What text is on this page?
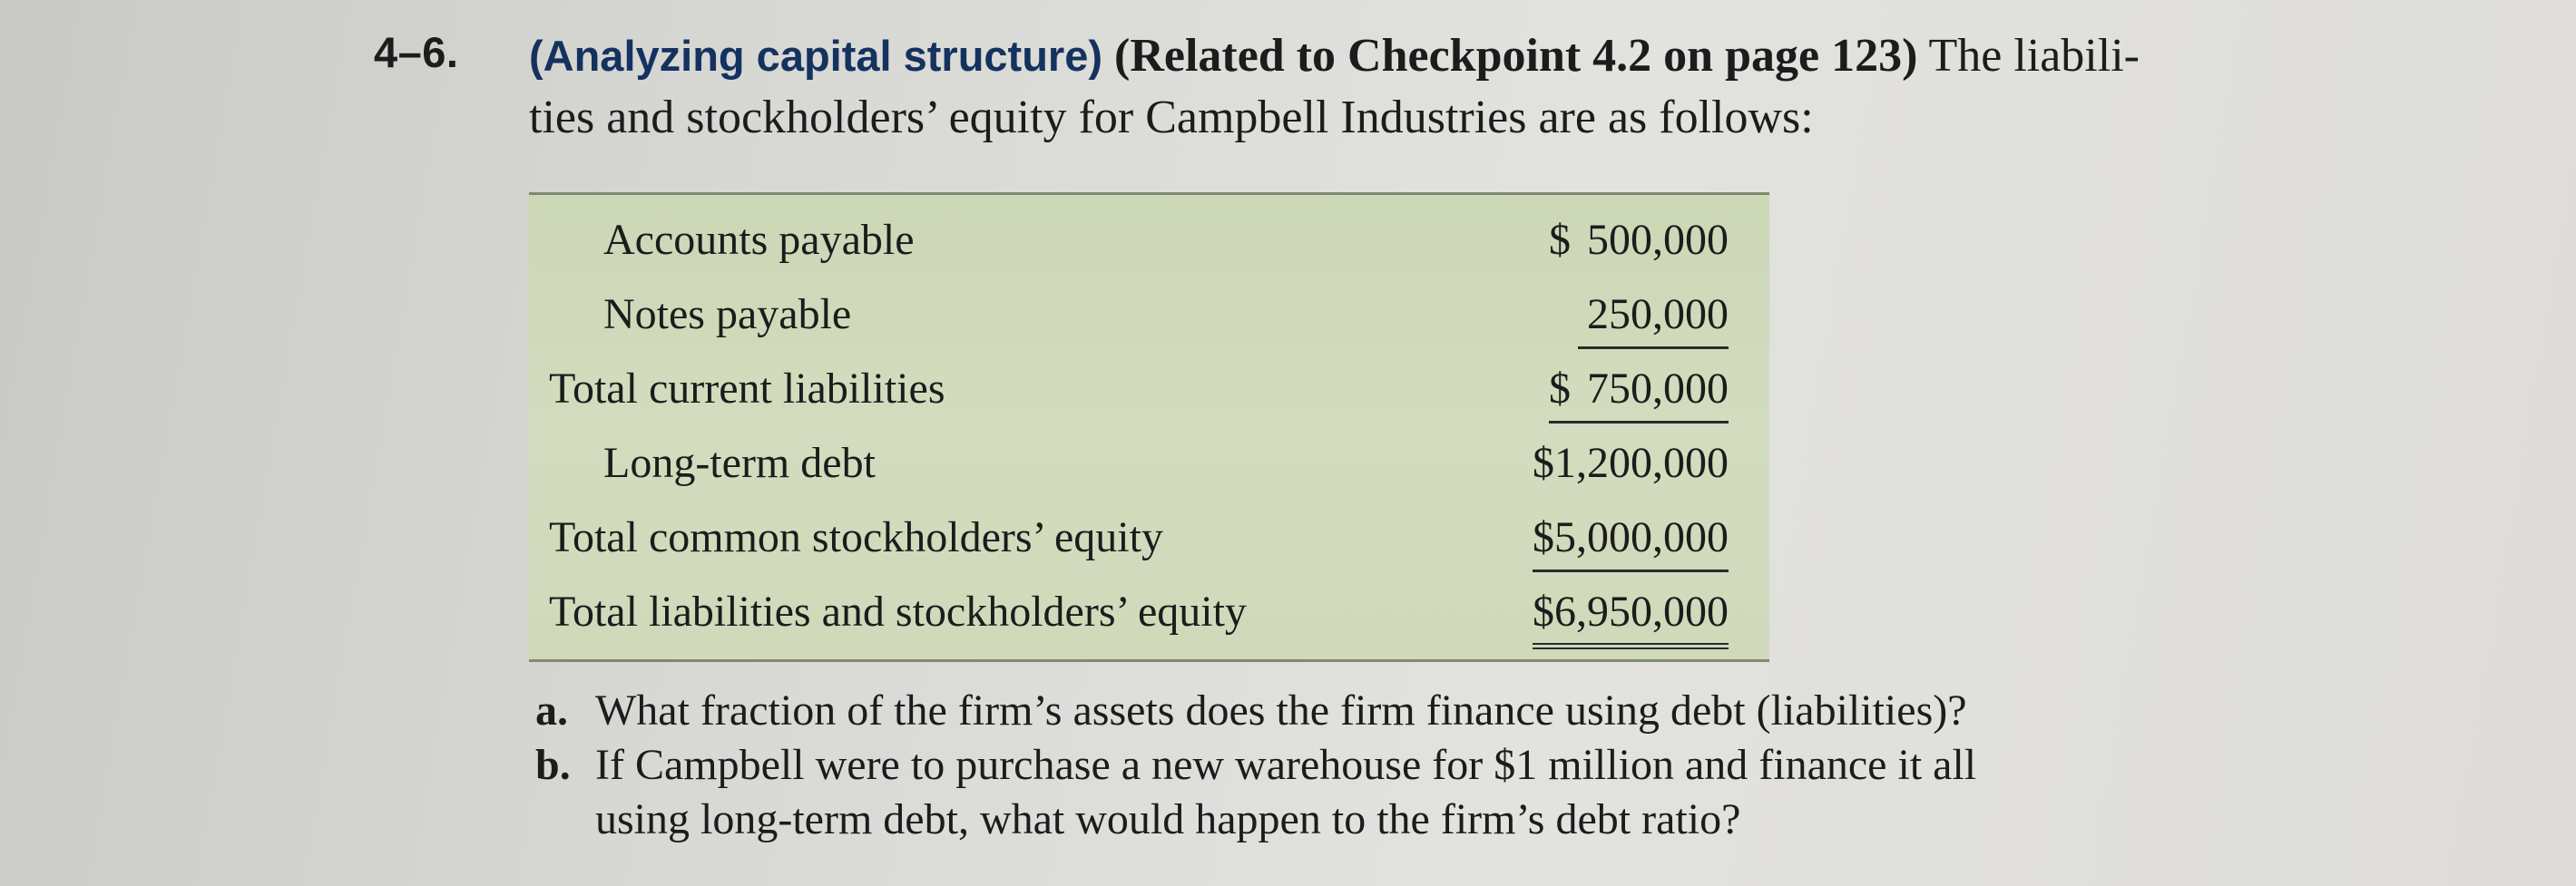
4–6. (Analyzing capital structure) (Related to Checkpoint 4.2 on page 123) The liabili-
ties and stockholders’ equity for Campbell Industries are as follows:
Accounts payable	$ 500,000
Notes payable	250,000
Total current liabilities	$ 750,000
Long-term debt	$1,200,000
Total common stockholders’ equity	$5,000,000
Total liabilities and stockholders’ equity	$6,950,000
a. What fraction of the firm’s assets does the firm finance using debt (liabilities)?
b. If Campbell were to purchase a new warehouse for $1 million and finance it all
using long-term debt, what would happen to the firm’s debt ratio?
